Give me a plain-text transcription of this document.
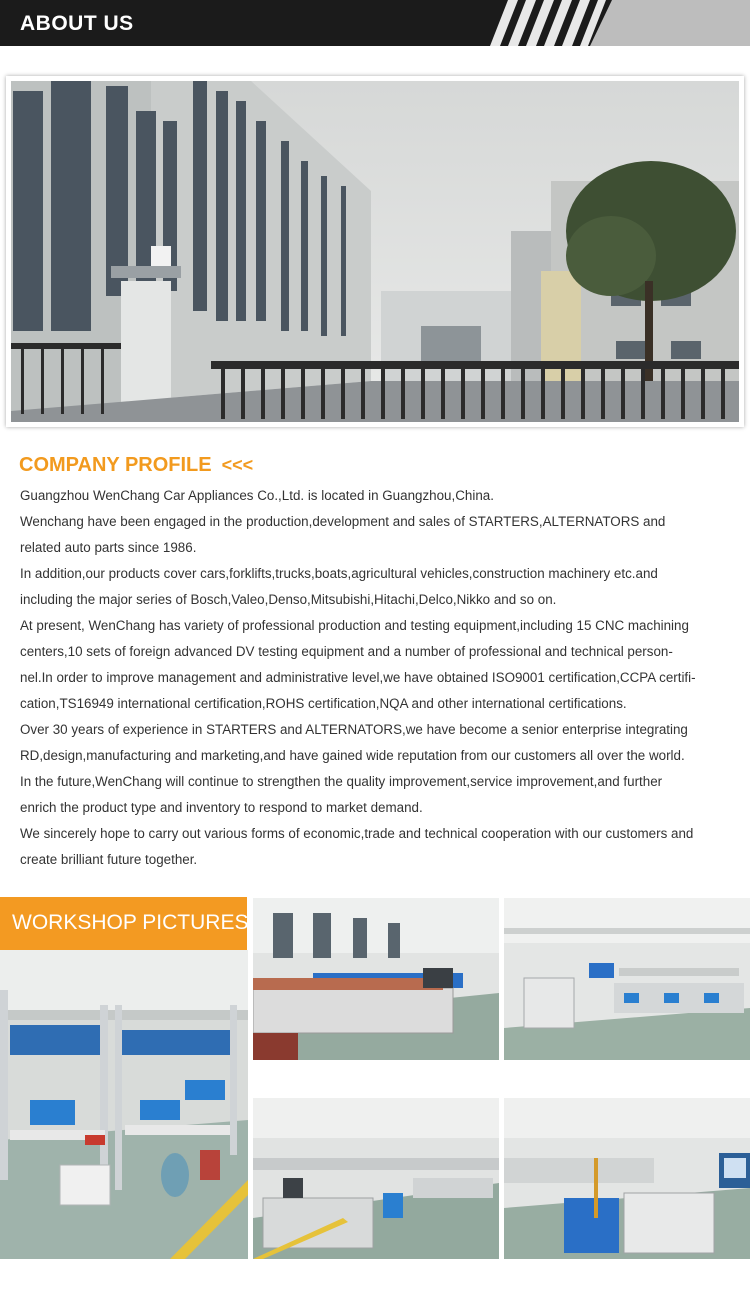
ABOUT US
COMPANY PROFILE <<<

Guangzhou WenChang Car Appliances Co.,Ltd. is located in Guangzhou,China.

Wenchang have been engaged in the production,development and sales of STARTERS,ALTERNATORS and

related auto parts since 1986.

In addition,our products cover cars,forklifts,trucks,boats,agricultural vehicles,construction machinery etc.and

including the major series of Bosch,Valeo,Denso,Mitsubishi,Hitachi,Delco,Nikko and so on.

At present, WenChang has variety of professional production and testing equipment,including 15 CNC machining

centers,10 sets of foreign advanced DV testing equipment and a number of professional and technical person-

nel.In order to improve management and administrative level,we have obtained ISO9001 certification,CCPA certifi-

cation,TS16949 international certification,ROHS certification,NQA and other international certifications.

Over 30 years of experience in STARTERS and ALTERNATORS,we have become a senior enterprise integrating

RD,design,manufacturing and marketing,and have gained wide reputation from our customers all over the world.

In the future,WenChang will continue to strengthen the quality improvement,service improvement,and further

enrich the product type and inventory to respond to market demand.

We sincerely hope to carry out various forms of economic,trade and technical cooperation with our customers and

create brilliant future together.

WORKSHOP PICTURES
